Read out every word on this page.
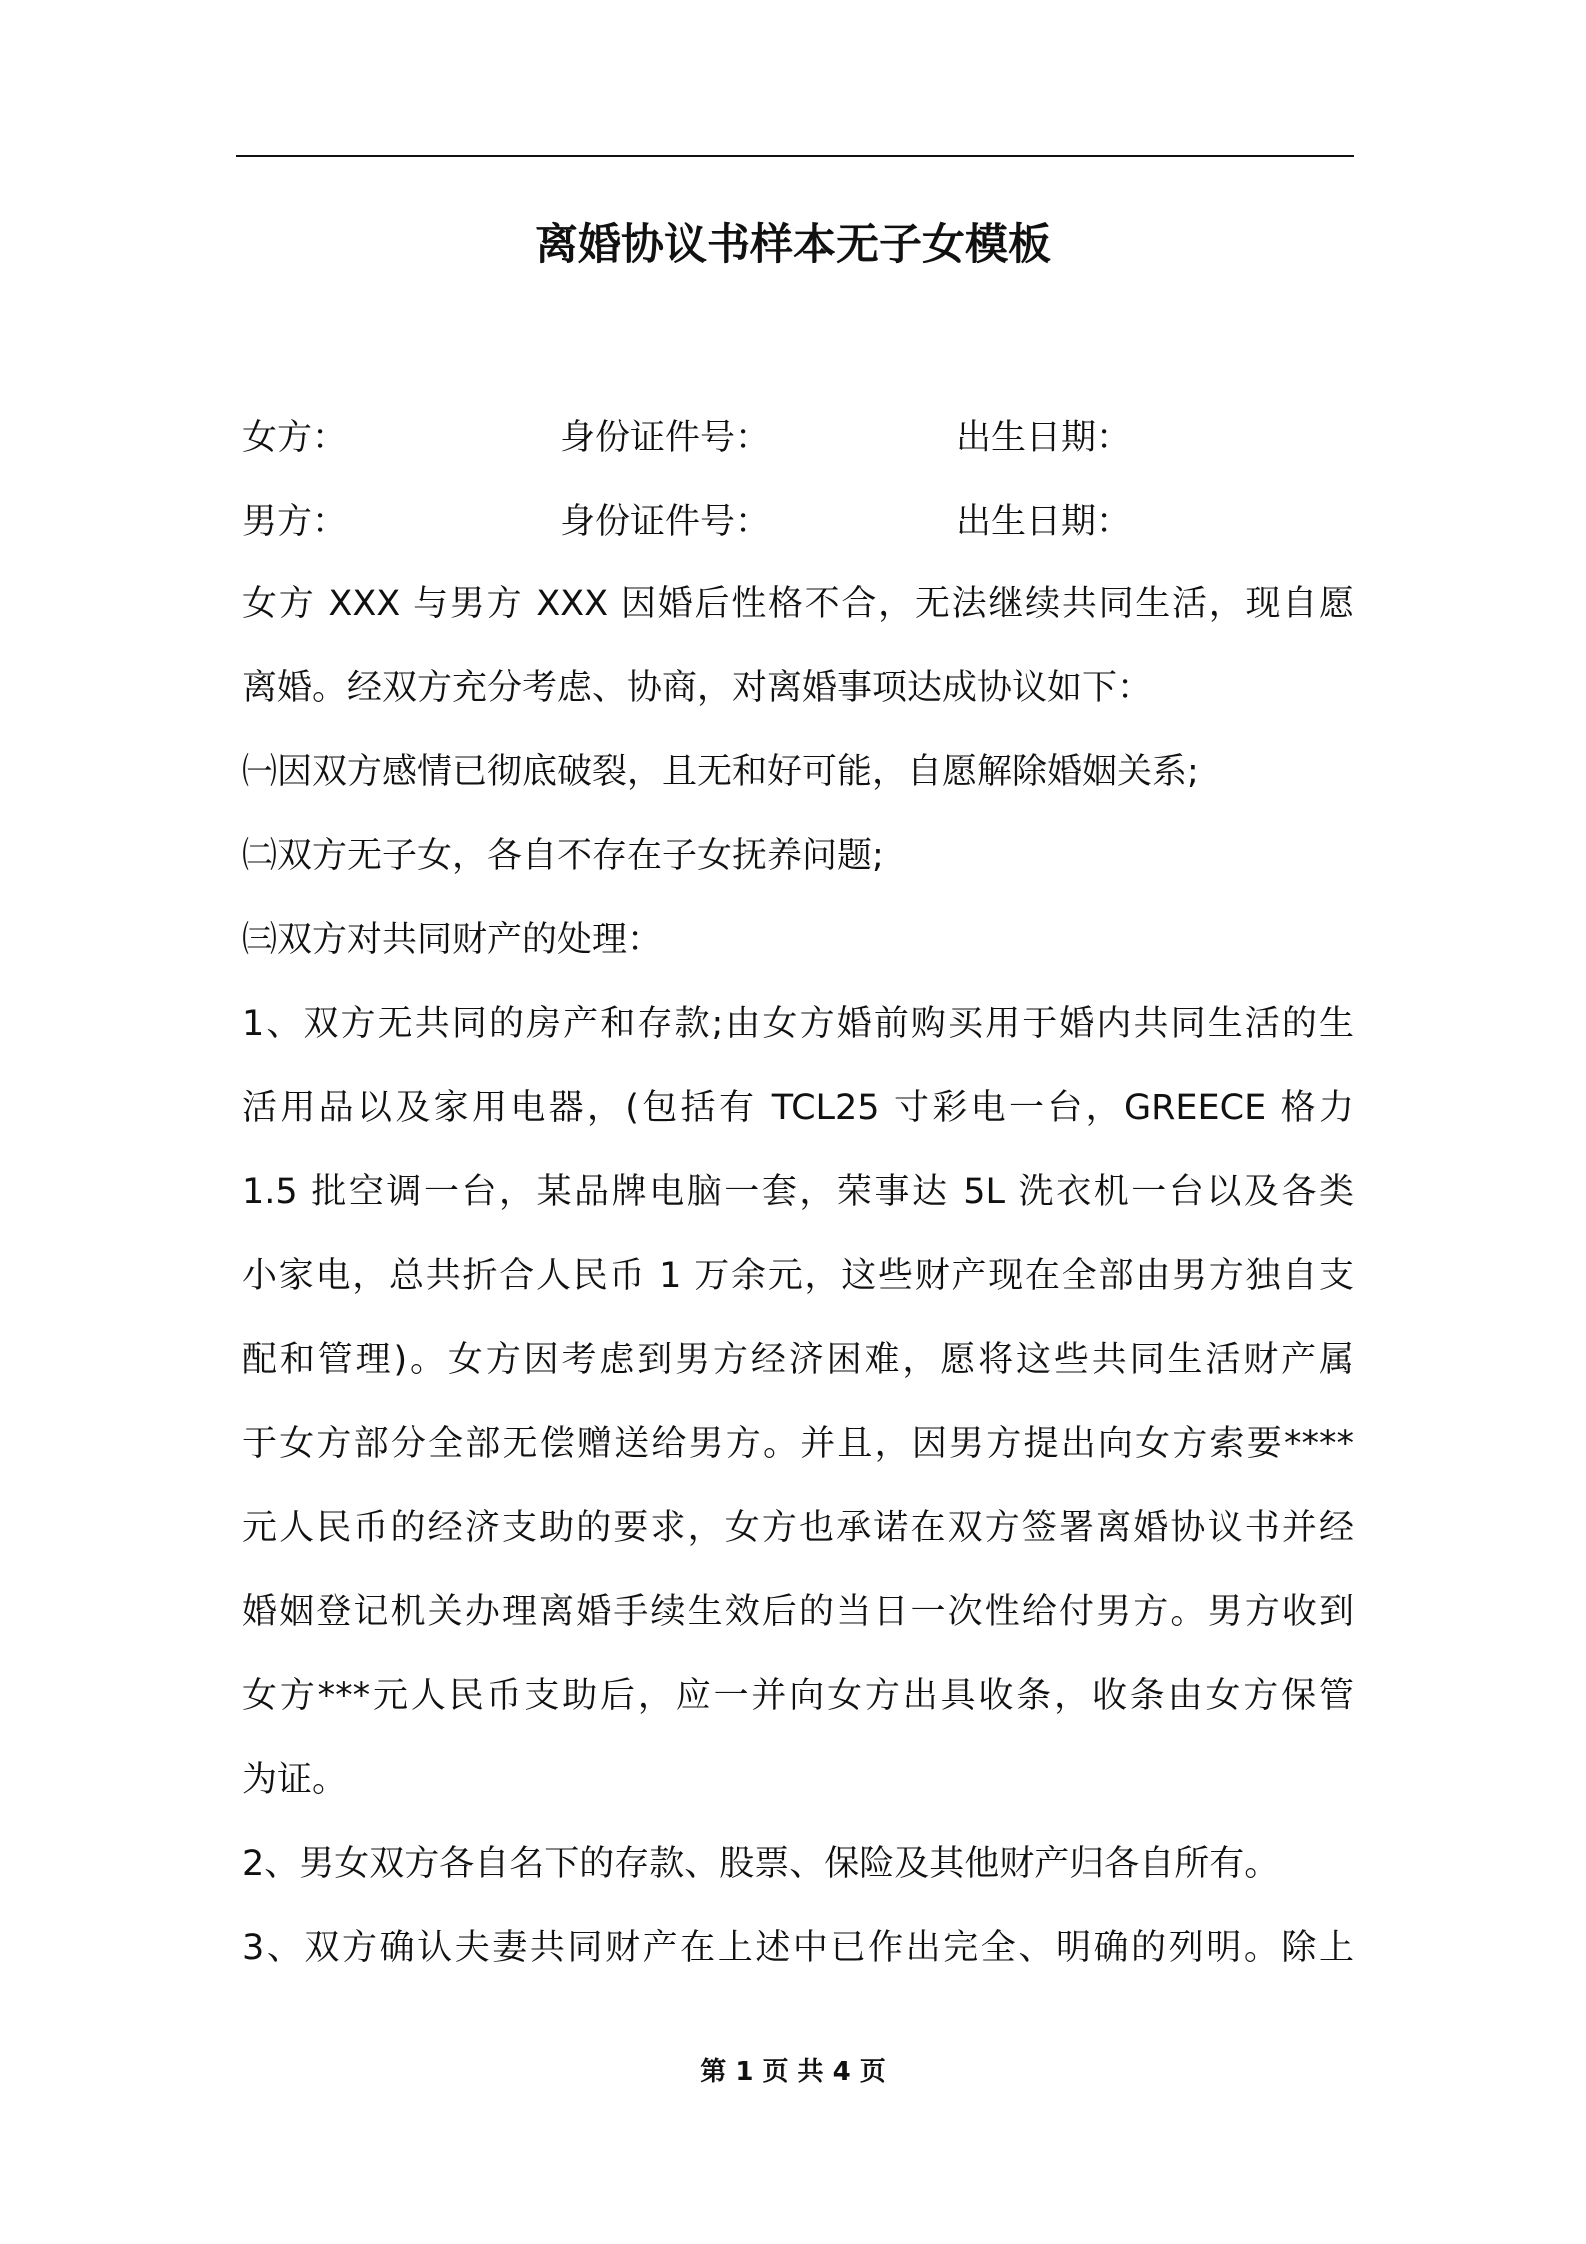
离婚协议书样本无子女模板
女方：	身份证件号：	出生日期：
男方：	身份证件号：	出生日期：
女方 XXX 与男方 XXX 因婚后性格不合，无法继续共同生活，现自愿
离婚。经双方充分考虑、协商，对离婚事项达成协议如下：
㈠因双方感情已彻底破裂，且无和好可能，自愿解除婚姻关系;
㈡双方无子女，各自不存在子女抚养问题;
㈢双方对共同财产的处理：
1、双方无共同的房产和存款;由女方婚前购买用于婚内共同生活的生
活用品以及家用电器，(包括有 TCL25 寸彩电一台，GREECE 格力
1.5 批空调一台，某品牌电脑一套，荣事达 5L 洗衣机一台以及各类
小家电，总共折合人民币 1 万余元，这些财产现在全部由男方独自支
配和管理)。女方因考虑到男方经济困难，愿将这些共同生活财产属
于女方部分全部无偿赠送给男方。并且，因男方提出向女方索要****
元人民币的经济支助的要求，女方也承诺在双方签署离婚协议书并经
婚姻登记机关办理离婚手续生效后的当日一次性给付男方。男方收到
女方***元人民币支助后，应一并向女方出具收条，收条由女方保管
为证。
2、男女双方各自名下的存款、股票、保险及其他财产归各自所有。
3、双方确认夫妻共同财产在上述中已作出完全、明确的列明。除上
第 1 页 共 4 页
